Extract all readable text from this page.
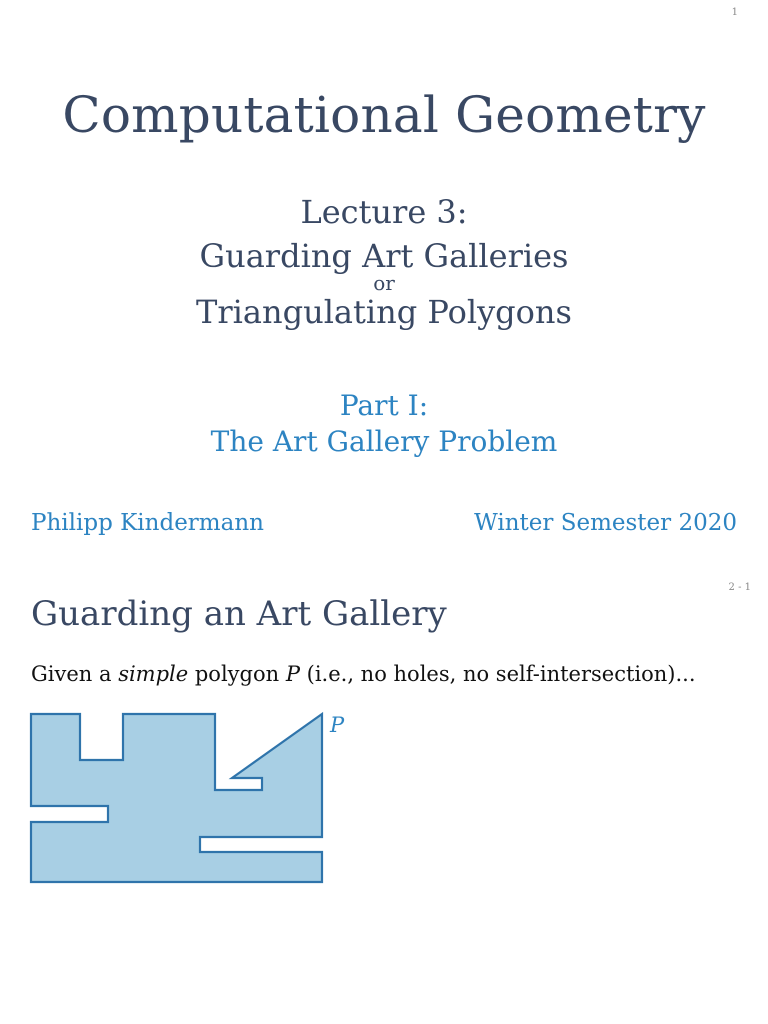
1
Computational Geometry
Lecture 3:
Guarding Art Galleries
or
Triangulating Polygons
Part I:
The Art Gallery Problem
Philipp Kindermann	Winter Semester 2020
2 - 1
Guarding an Art Gallery
Given a simple polygon P (i.e., no holes, no self-intersection)...
P
